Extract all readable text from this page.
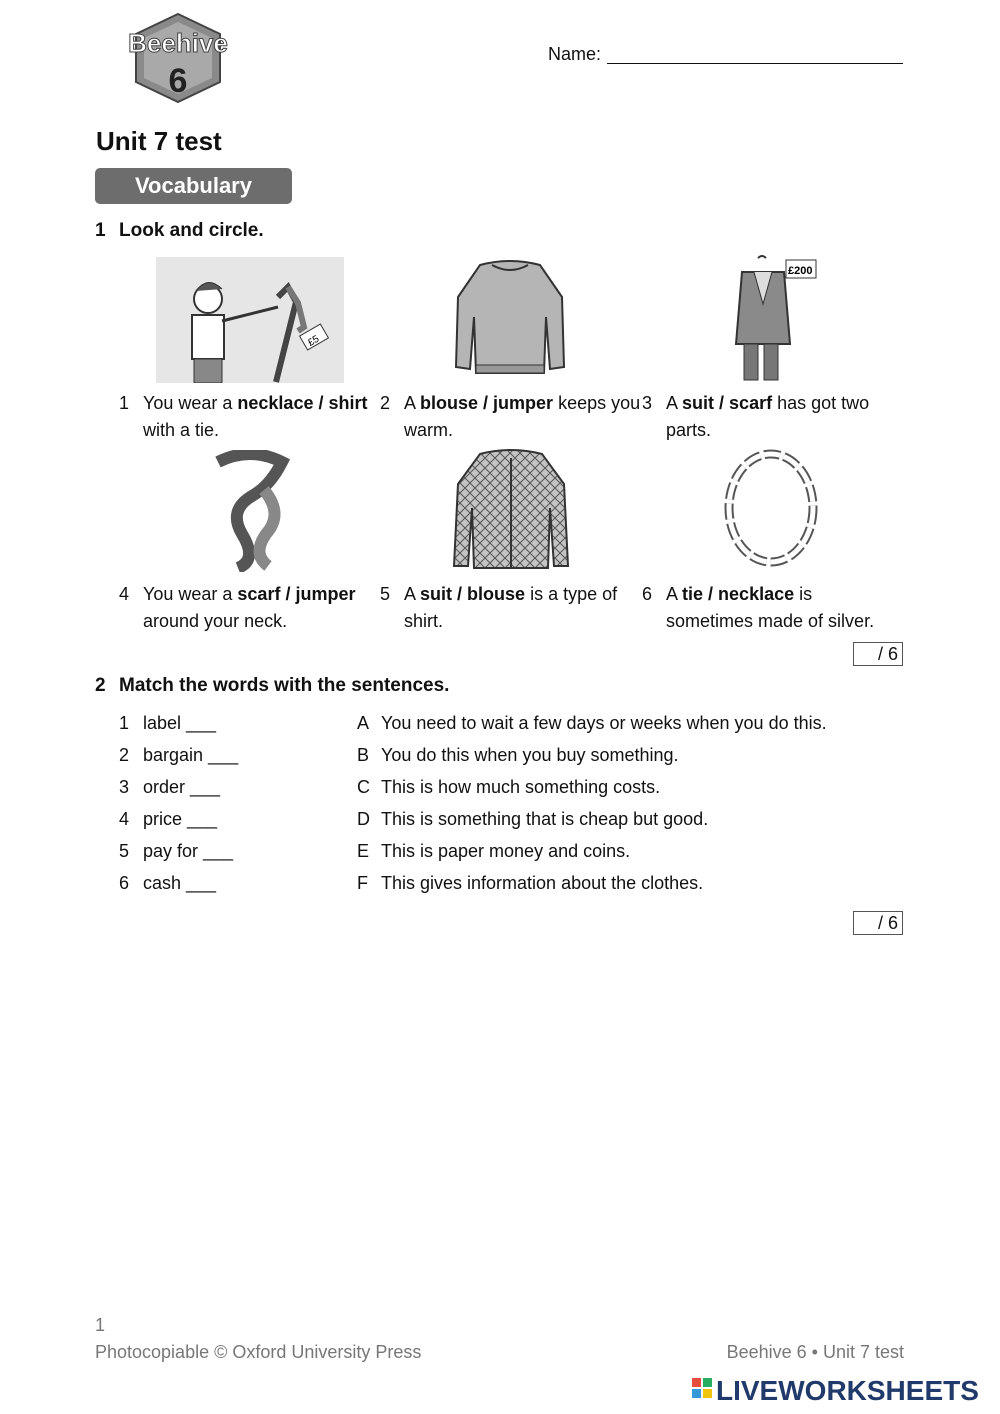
Beehive
6
Name:
Unit 7 test
Vocabulary
1 Look and circle.
£5
£200
1 You wear a necklace / shirt with a tie.
2 A blouse / jumper keeps you warm.
3 A suit / scarf has got two parts.
4 You wear a scarf / jumper around your neck.
5 A suit / blouse is a type of shirt.
6 A tie / necklace is sometimes made of silver.
/ 6
2 Match the words with the sentences.
1 label ___
2 bargain ___
3 order ___
4 price ___
5 pay for ___
6 cash ___
A You need to wait a few days or weeks when you do this.
B You do this when you buy something.
C This is how much something costs.
D This is something that is cheap but good.
E This is paper money and coins.
F This gives information about the clothes.
/ 6
1
Photocopiable © Oxford University Press	Beehive 6 • Unit 7 test
LIVEWORKSHEETS
